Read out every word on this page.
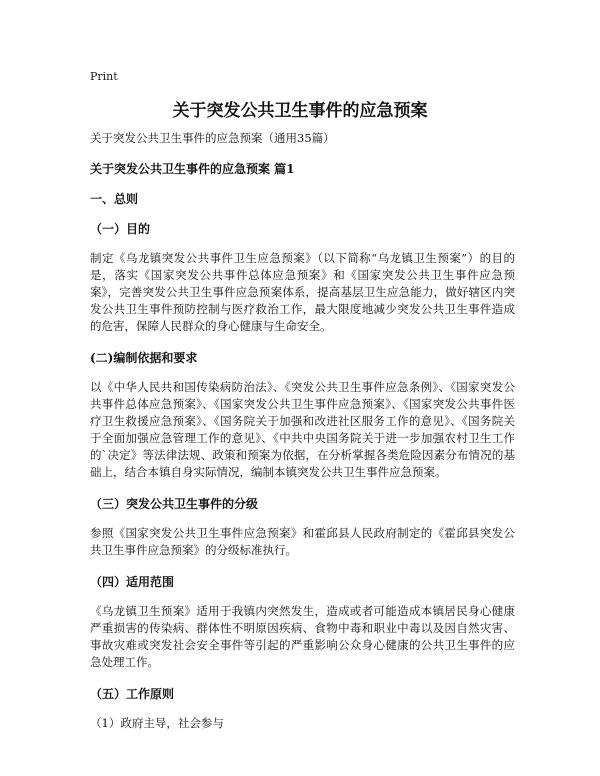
Print
关于突发公共卫生事件的应急预案
关于突发公共卫生事件的应急预案（通用35篇）
关于突发公共卫生事件的应急预案 篇1
一、总则
（一）目的
制定《乌龙镇突发公共事件卫生应急预案》（以下简称“乌龙镇卫生预案”）的目的是，落实《国家突发公共事件总体应急预案》和《国家突发公共卫生事件应急预案》，完善突发公共卫生事件应急预案体系，提高基层卫生应急能力，做好辖区内突发公共卫生事件预防控制与医疗救治工作，最大限度地减少突发公共卫生事件造成的危害，保障人民群众的身心健康与生命安全。
(二)编制依据和要求
以《中华人民共和国传染病防治法》、《突发公共卫生事件应急条例》、《国家突发公共事件总体应急预案》、《国家突发公共卫生事件应急预案》、《国家突发公共事件医疗卫生救援应急预案》、《国务院关于加强和改进社区服务工作的意见》、《国务院关于全面加强应急管理工作的意见》、《中共中央国务院关于进一步加强农村卫生工作的`决定》等法律法规、政策和预案为依据，在分析掌握各类危险因素分布情况的基础上，结合本镇自身实际情况，编制本镇突发公共卫生事件应急预案。
（三）突发公共卫生事件的分级
参照《国家突发公共卫生事件应急预案》和霍邱县人民政府制定的《霍邱县突发公共卫生事件应急预案》的分级标准执行。
（四）适用范围
《乌龙镇卫生预案》适用于我镇内突然发生，造成或者可能造成本镇居民身心健康严重损害的传染病、群体性不明原因疾病、食物中毒和职业中毒以及因自然灾害、事故灾难或突发社会安全事件等引起的严重影响公众身心健康的公共卫生事件的应急处理工作。
（五）工作原则
（1）政府主导，社会参与
